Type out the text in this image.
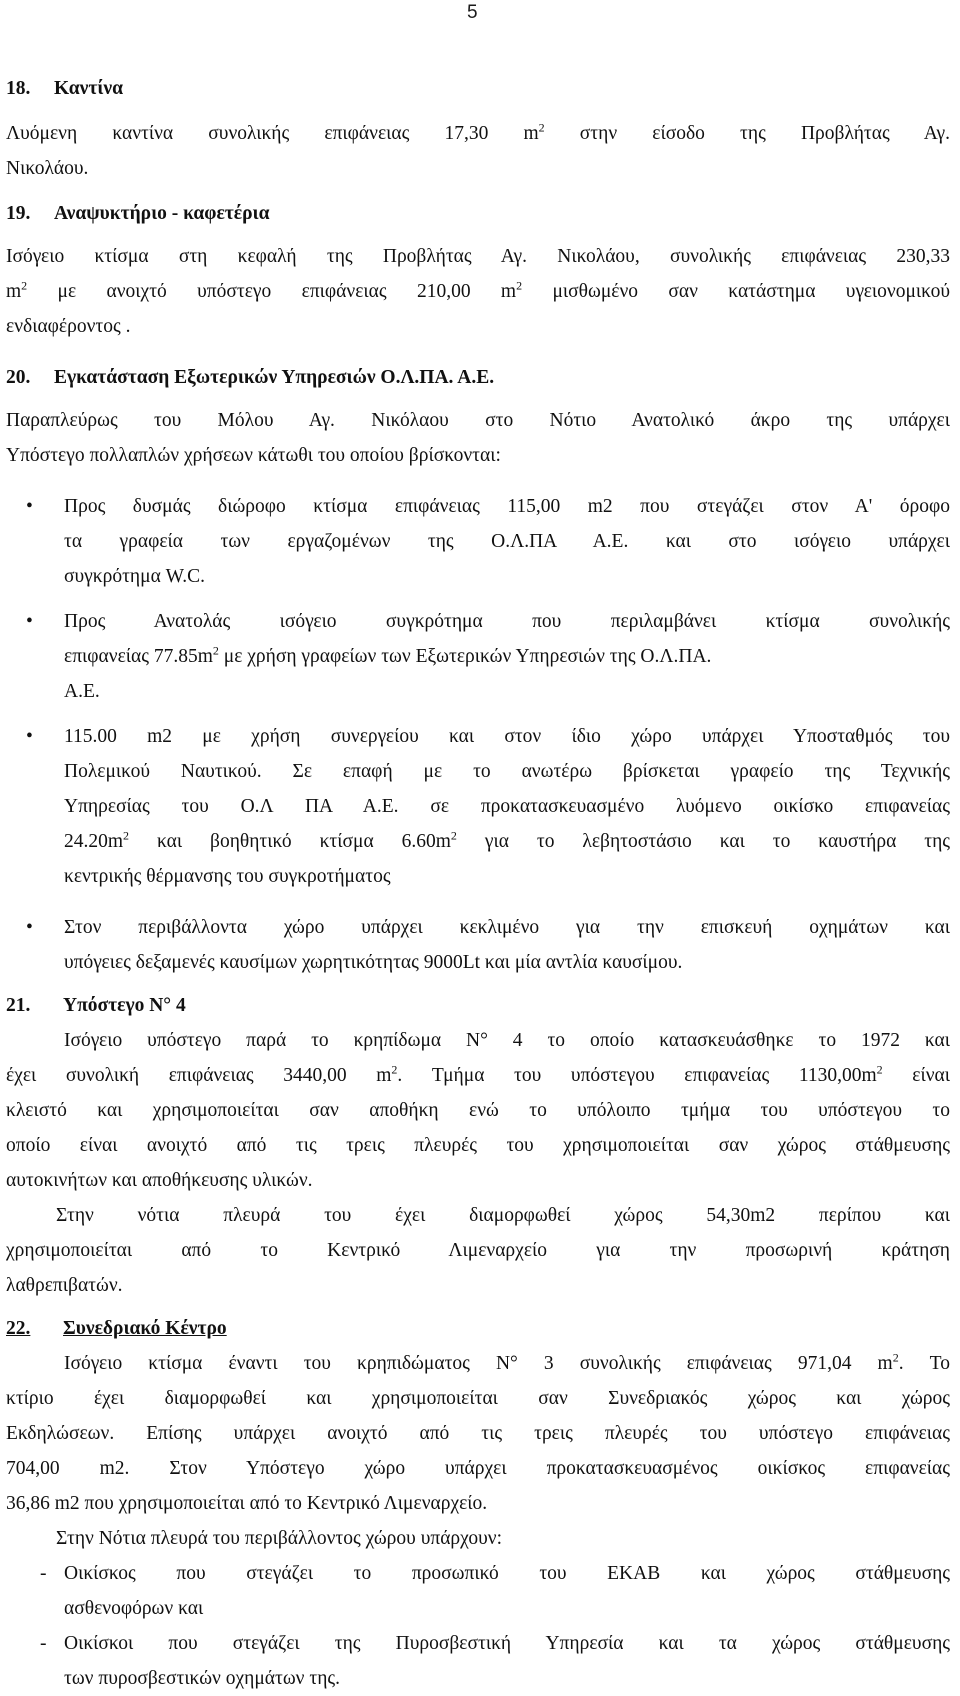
5
18. Καντίνα
Λυόμενη καντίνα συνολικής επιφάνειας 17,30 $m^2$ στην είσοδο της Προβλήτας Αγ.
Νικολάου.
19. Αναψυκτήριο - καφετέρια
Ισόγειο κτίσμα στη κεφαλή της Προβλήτας Αγ. Νικολάου, συνολικής επιφάνειας 230,33
$m^2$ με ανοιχτό υπόστεγο επιφάνειας 210,00 $m^2$ μισθωμένο σαν κατάστημα υγειονομικού
ενδιαφέροντος .
20. Εγκατάσταση Εξωτερικών Υπηρεσιών Ο.Λ.ΠΑ. Α.Ε.
Παραπλεύρως του Μόλου Αγ. Νικόλαου στο Νότιο Ανατολικό άκρο της υπάρχει
Υπόστεγο πολλαπλών χρήσεων κάτωθι του οποίου βρίσκονται:
• Προς δυσμάς διώροφο κτίσμα επιφάνειας 115,00 m2 που στεγάζει στον Α' όροφο
τα γραφεία των εργαζομένων της Ο.Λ.ΠΑ Α.Ε. και στο ισόγειο υπάρχει
συγκρότημα W.C.
• Προς Ανατολάς ισόγειο συγκρότημα που περιλαμβάνει κτίσμα συνολικής
επιφανείας $77.85m^2$ με χρήση γραφείων των Εξωτερικών Υπηρεσιών της Ο.Λ.ΠΑ.
Α.Ε.
• 115.00 m2 με χρήση συνεργείου και στον ίδιο χώρο υπάρχει Υποσταθμός του
Πολεμικού Ναυτικού. Σε επαφή με το ανωτέρω βρίσκεται γραφείο της Τεχνικής
Υπηρεσίας του Ο.Λ ΠΑ Α.Ε. σε προκατασκευασμένο λυόμενο οικίσκο επιφανείας
$24.20m^2$ και βοηθητικό κτίσμα $6.60m^2$ για το λεβητοστάσιο και το καυστήρα της
κεντρικής θέρμανσης του συγκροτήματος
• Στον περιβάλλοντα χώρο υπάρχει κεκλιμένο για την επισκευή οχημάτων και
υπόγειες δεξαμενές καυσίμων χωρητικότητας 9000Lt και μία αντλία καυσίμου.
21. Υπόστεγο N° 4
Ισόγειο υπόστεγο παρά το κρηπίδωμα N° 4 το οποίο κατασκευάσθηκε το 1972 και
έχει συνολική επιφάνειας 3440,00 $m^2$. Τμήμα του υπόστεγου επιφανείας $1130,00m^2$ είναι
κλειστό και χρησιμοποιείται σαν αποθήκη ενώ το υπόλοιπο τμήμα του υπόστεγου το
οποίο είναι ανοιχτό από τις τρεις πλευρές του χρησιμοποιείται σαν χώρος στάθμευσης
αυτοκινήτων και αποθήκευσης υλικών.
Στην νότια πλευρά του έχει διαμορφωθεί χώρος 54,30m2 περίπου και
χρησιμοποιείται από το Κεντρικό Λιμεναρχείο για την προσωρινή κράτηση
λαθρεπιβατών.
22. Συνεδριακό Κέντρο
Ισόγειο κτίσμα έναντι του κρηπιδώματος N° 3 συνολικής επιφάνειας 971,04 $m^2$. Το
κτίριο έχει διαμορφωθεί και χρησιμοποιείται σαν Συνεδριακός χώρος και χώρος
Εκδηλώσεων. Επίσης υπάρχει ανοιχτό από τις τρεις πλευρές του υπόστεγο επιφάνειας
704,00 m2. Στον Υπόστεγο χώρο υπάρχει προκατασκευασμένος οικίσκος επιφανείας
36,86 m2 που χρησιμοποιείται από το Κεντρικό Λιμεναρχείο.
Στην Νότια πλευρά του περιβάλλοντος χώρου υπάρχουν:
- Οικίσκος που στεγάζει το προσωπικό του ΕΚΑΒ και χώρος στάθμευσης
ασθενοφόρων και
- Οικίσκοι που στεγάζει της Πυροσβεστική Υπηρεσία και τα χώρος στάθμευσης
των πυροσβεστικών οχημάτων της.
